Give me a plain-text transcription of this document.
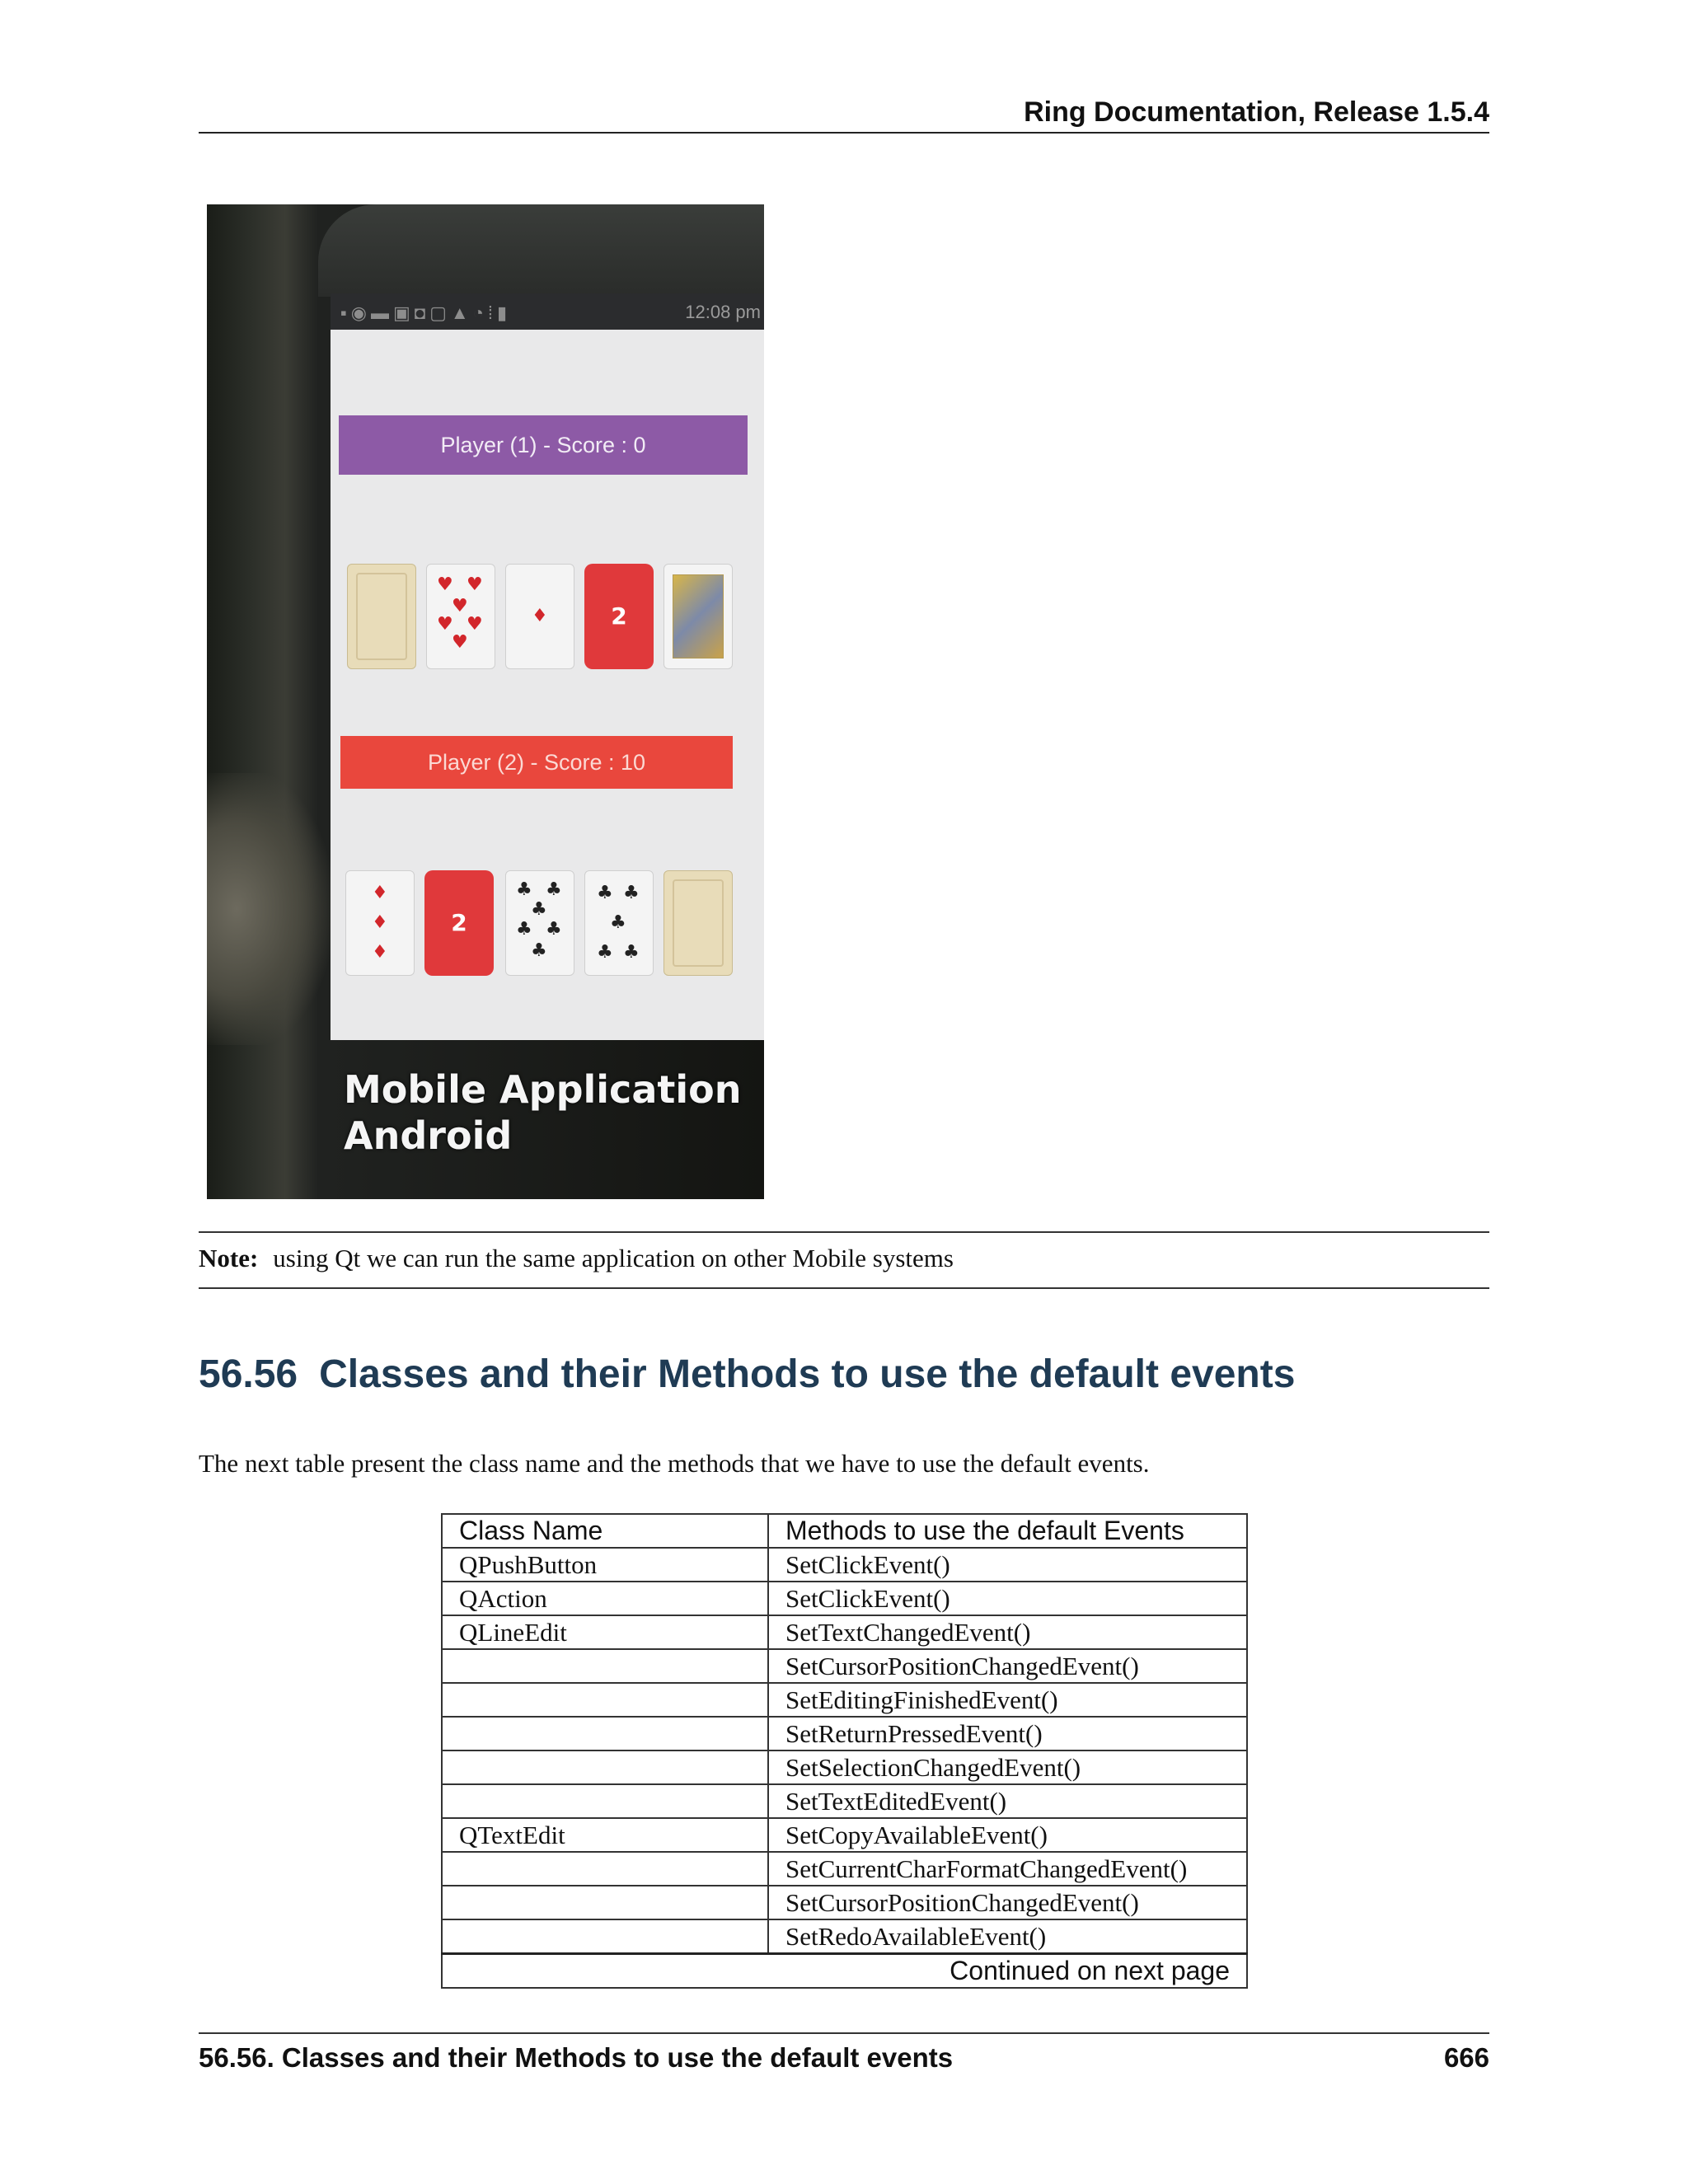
Ring Documentation, Release 1.5.4
▪◉▬▣◘▢▲◔⁞▮	12:08 pm
Player (1) - Score : 0
♥ ♥
♥
♥ ♥
♥
♦	2
Player (2) - Score : 10
♦
♦
♦
2
♣ ♣
♣
♣ ♣
♣
♣ ♣
♣
♣ ♣
Mobile Application
Android
Note: using Qt we can run the same application on other Mobile systems
56.56 Classes and their Methods to use the default events
The next table present the class name and the methods that we have to use the default events.
Class Name	Methods to use the default Events
QPushButton	SetClickEvent()
QAction	SetClickEvent()
QLineEdit	SetTextChangedEvent()
	SetCursorPositionChangedEvent()
	SetEditingFinishedEvent()
	SetReturnPressedEvent()
	SetSelectionChangedEvent()
	SetTextEditedEvent()
QTextEdit	SetCopyAvailableEvent()
	SetCurrentCharFormatChangedEvent()
	SetCursorPositionChangedEvent()
	SetRedoAvailableEvent()
Continued on next page	
56.56. Classes and their Methods to use the default events	666
